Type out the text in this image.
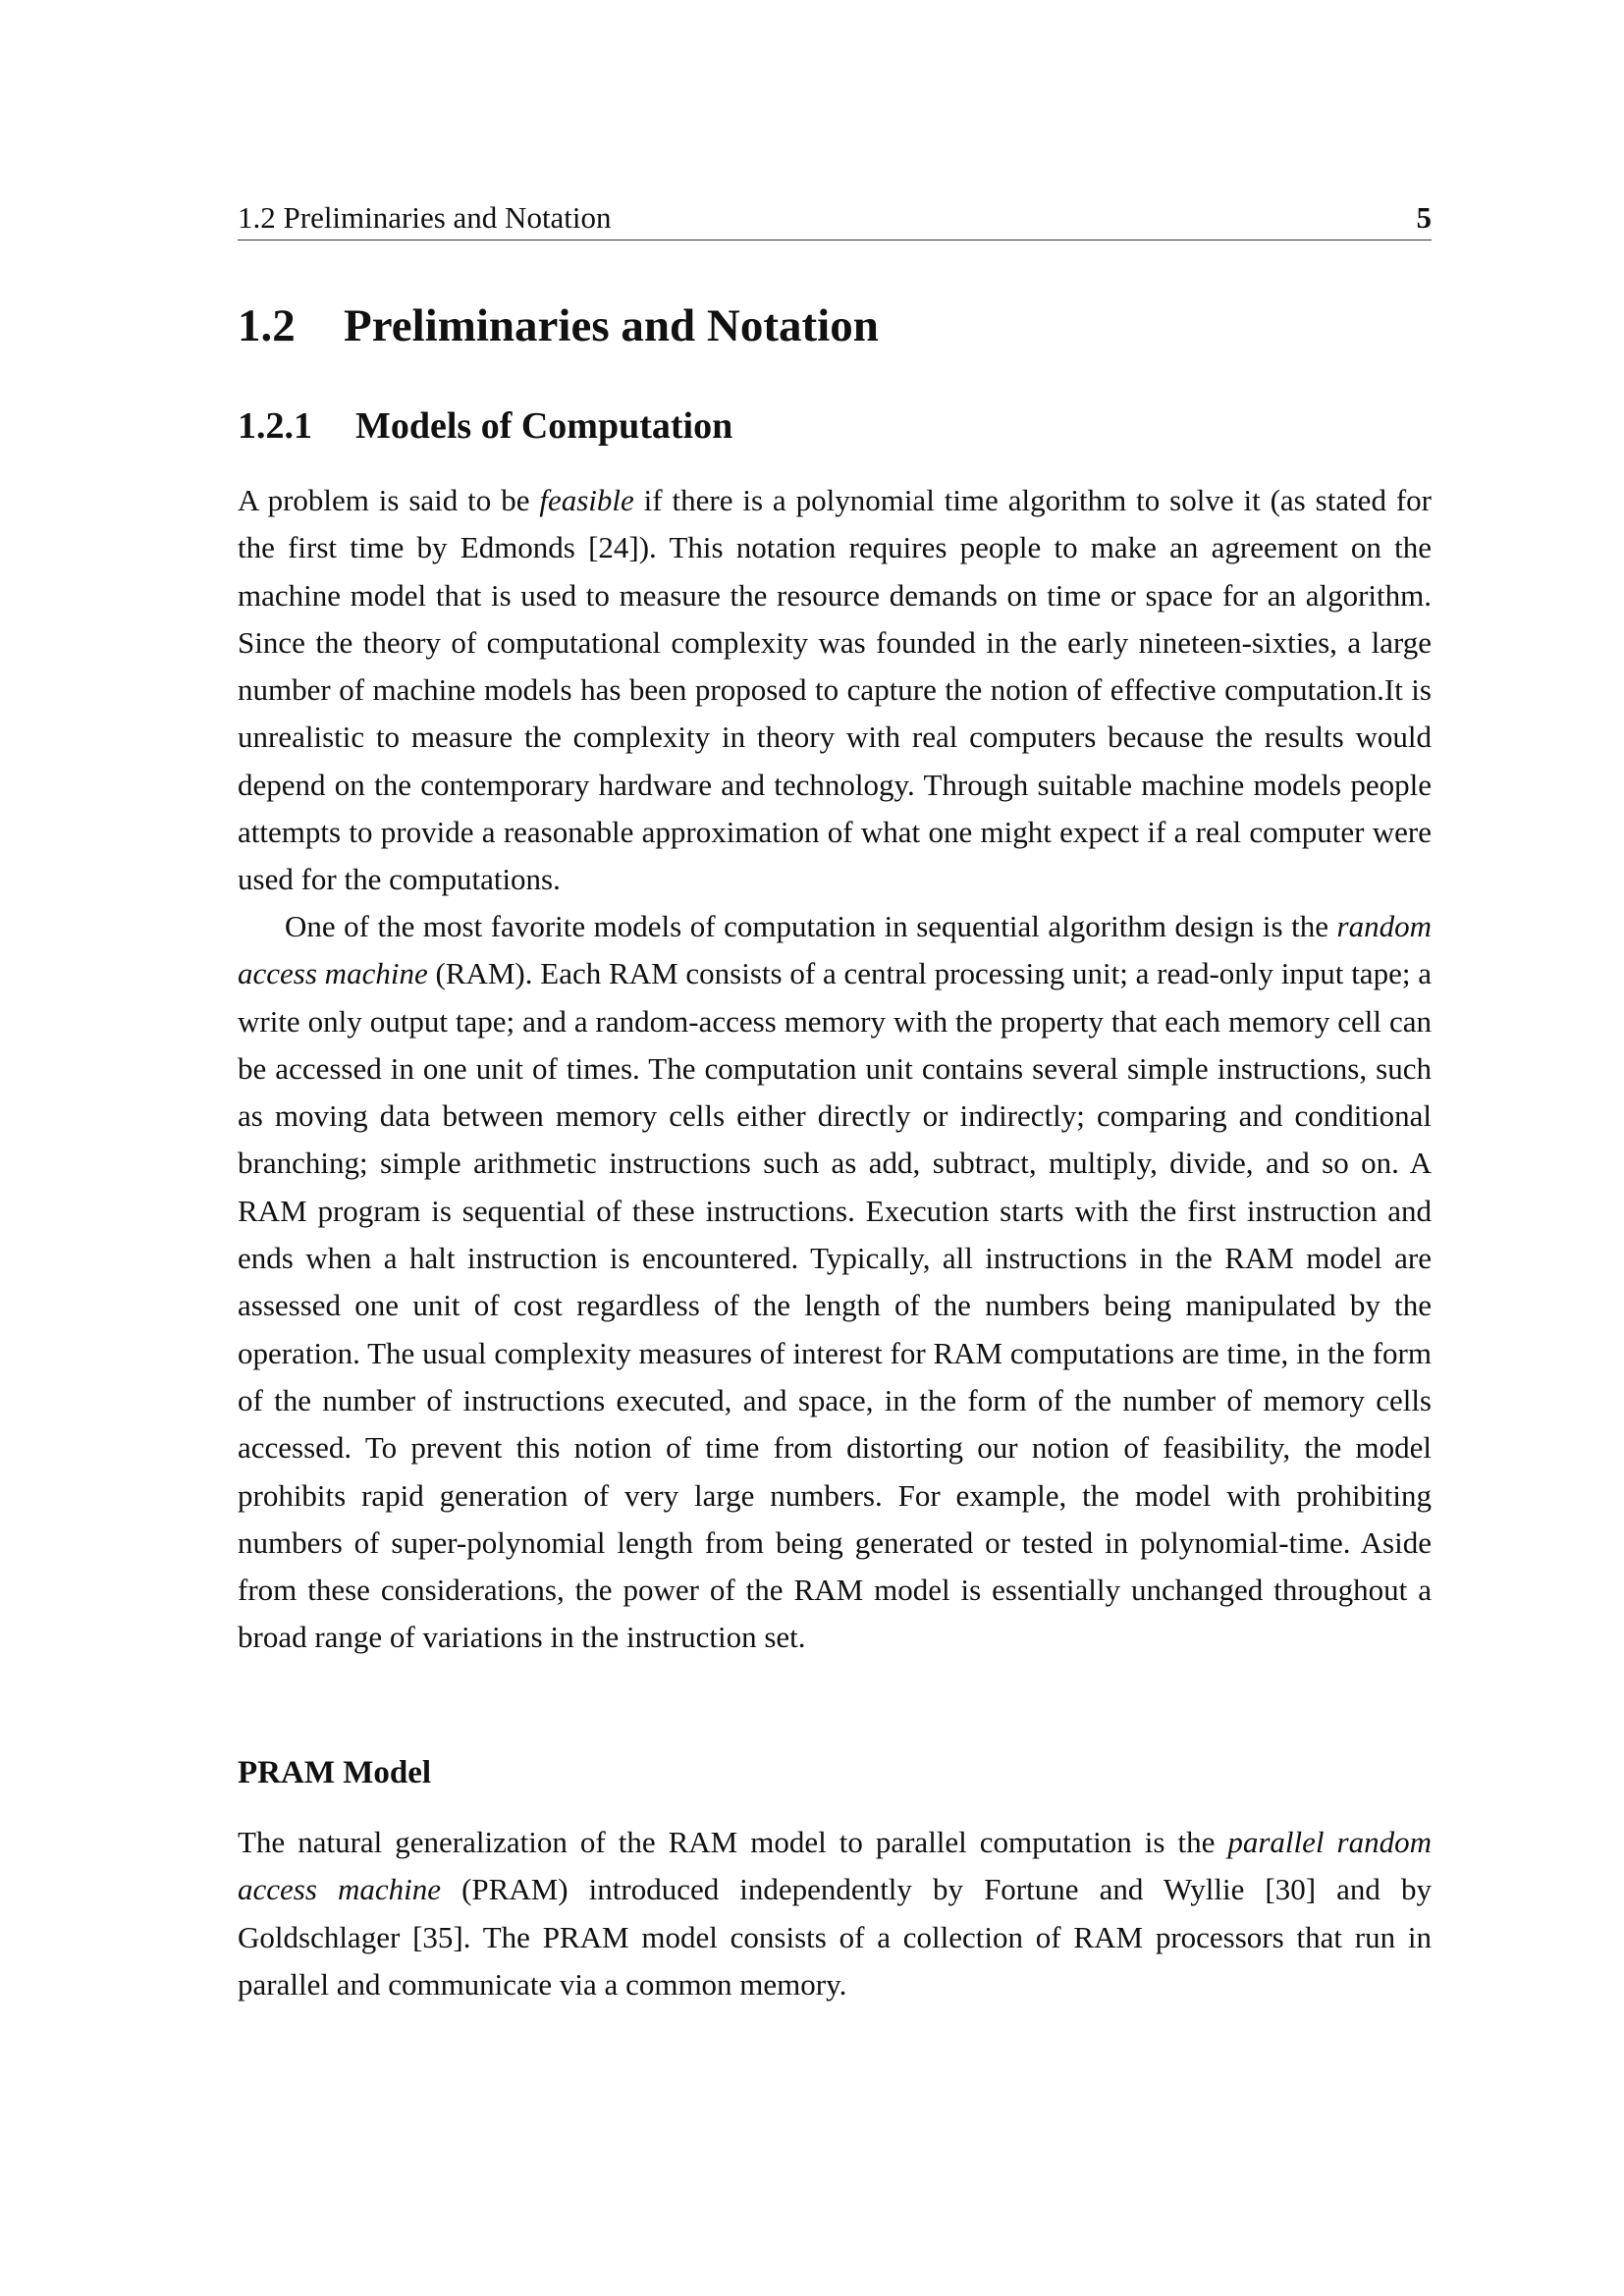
1.2 Preliminaries and Notation	5
1.2 Preliminaries and Notation
1.2.1 Models of Computation

A problem is said to be feasible if there is a polynomial time algorithm to solve it (as stated for the first time by Edmonds [24]). This notation requires people to make an agreement on the machine model that is used to measure the resource demands on time or space for an algorithm. Since the theory of computational complexity was founded in the early nineteen-sixties, a large number of machine models has been proposed to capture the notion of effective computation.It is unrealistic to measure the complexity in theory with real computers because the results would depend on the contemporary hardware and technology. Through suitable machine models people attempts to provide a reasonable approximation of what one might expect if a real computer were used for the computations.

One of the most favorite models of computation in sequential algorithm design is the random access machine (RAM). Each RAM consists of a central processing unit; a read-only input tape; a write only output tape; and a random-access memory with the property that each memory cell can be accessed in one unit of times. The computation unit contains several simple instructions, such as moving data between memory cells either directly or indirectly; comparing and conditional branching; simple arithmetic instructions such as add, subtract, multiply, divide, and so on. A RAM program is sequential of these instructions. Execution starts with the first instruction and ends when a halt instruction is encountered. Typically, all instructions in the RAM model are assessed one unit of cost regardless of the length of the numbers being manipulated by the operation. The usual complexity measures of interest for RAM computations are time, in the form of the number of instructions executed, and space, in the form of the number of memory cells accessed. To prevent this notion of time from distorting our notion of feasibility, the model prohibits rapid generation of very large numbers. For example, the model with prohibiting numbers of super-polynomial length from being generated or tested in polynomial-time. Aside from these considerations, the power of the RAM model is essentially unchanged throughout a broad range of variations in the instruction set.

PRAM Model

The natural generalization of the RAM model to parallel computation is the parallel random access machine (PRAM) introduced independently by Fortune and Wyllie [30] and by Goldschlager [35]. The PRAM model consists of a collection of RAM processors that run in parallel and communicate via a common memory.
